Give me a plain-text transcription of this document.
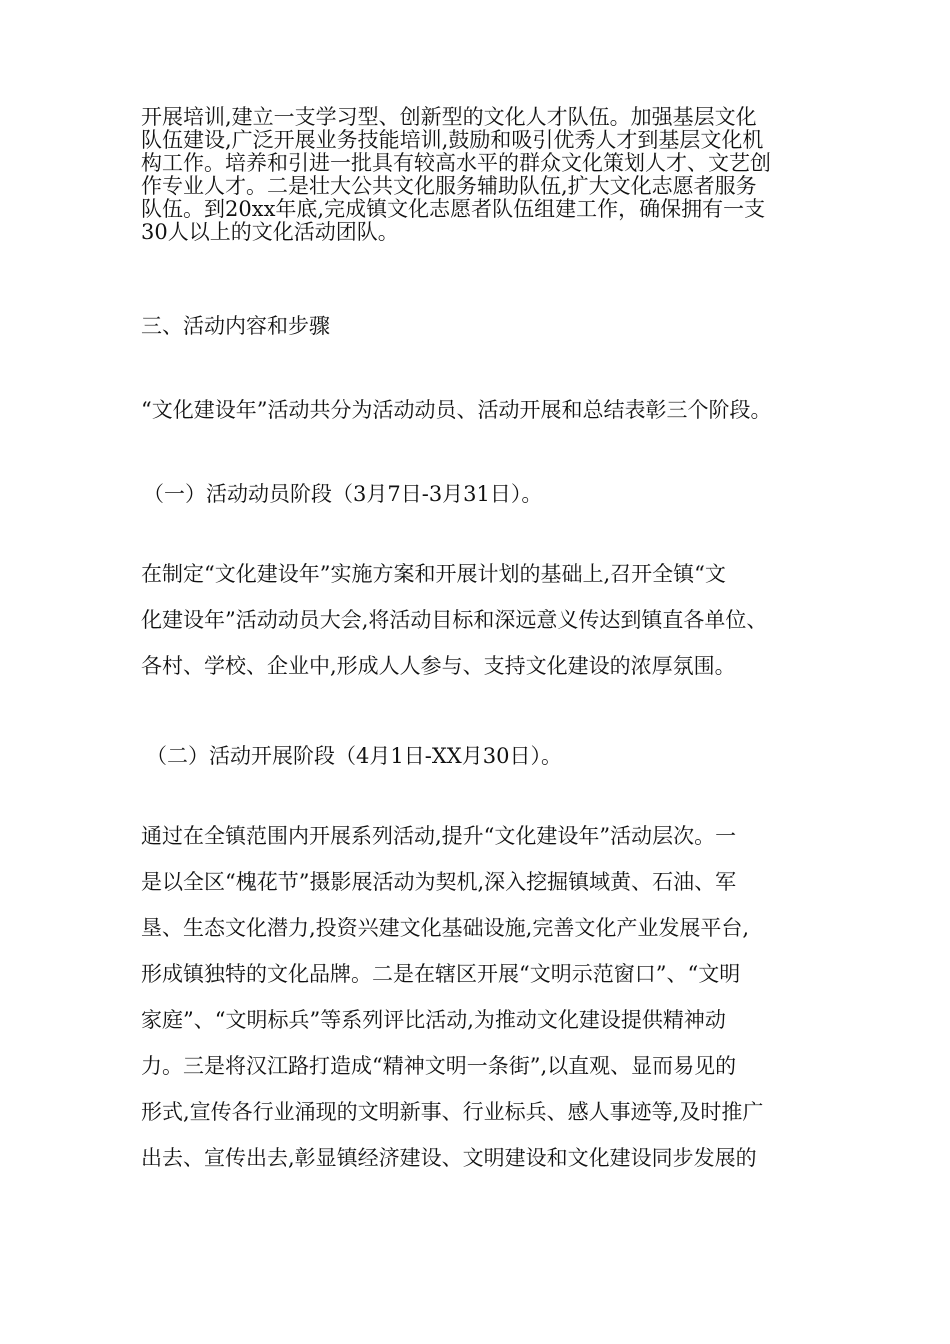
开展培训,建立一支学习型、创新型的文化人才队伍。加强基层文化
队伍建设,广泛开展业务技能培训,鼓励和吸引优秀人才到基层文化机
构工作。培养和引进一批具有较高水平的群众文化策划人才、文艺创
作专业人才。二是壮大公共文化服务辅助队伍,扩大文化志愿者服务
队伍。到20xx年底,完成镇文化志愿者队伍组建工作，确保拥有一支
30人以上的文化活动团队。
三、活动内容和步骤
“文化建设年”活动共分为活动动员、活动开展和总结表彰三个阶段。
（一）活动动员阶段（3月7日-3月31日）。
在制定“文化建设年”实施方案和开展计划的基础上,召开全镇“文
化建设年”活动动员大会,将活动目标和深远意义传达到镇直各单位、
各村、学校、企业中,形成人人参与、支持文化建设的浓厚氛围。
（二）活动开展阶段（4月1日-XX月30日）。
通过在全镇范围内开展系列活动,提升“文化建设年”活动层次。一
是以全区“槐花节”摄影展活动为契机,深入挖掘镇域黄、石油、军
垦、生态文化潜力,投资兴建文化基础设施,完善文化产业发展平台,
形成镇独特的文化品牌。二是在辖区开展“文明示范窗口”、“文明
家庭”、“文明标兵”等系列评比活动,为推动文化建设提供精神动
力。三是将汉江路打造成“精神文明一条街”,以直观、显而易见的
形式,宣传各行业涌现的文明新事、行业标兵、感人事迹等,及时推广
出去、宣传出去,彰显镇经济建设、文明建设和文化建设同步发展的
